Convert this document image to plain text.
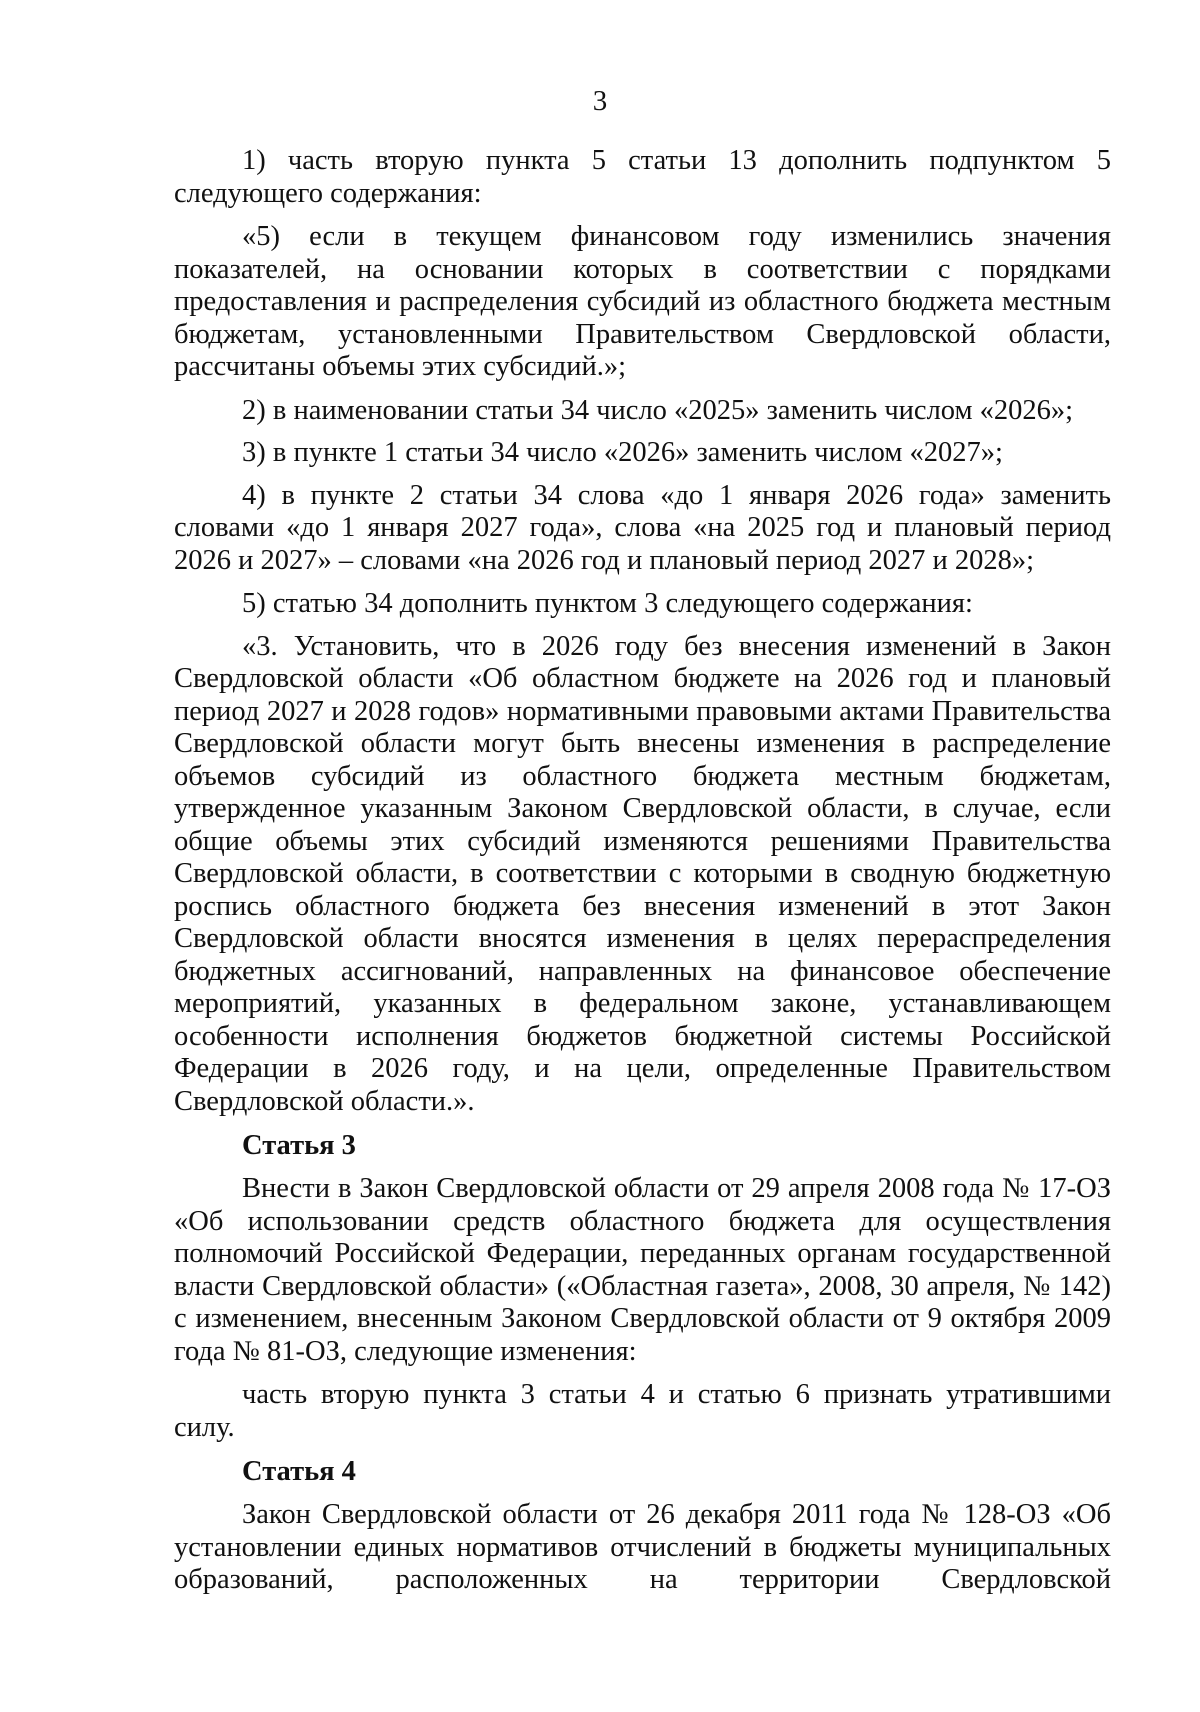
3

1) часть вторую пункта 5 статьи 13 дополнить подпунктом 5 следующего содержания:

«5) если в текущем финансовом году изменились значения показателей, на основании которых в соответствии с порядками предоставления и распределения субсидий из областного бюджета местным бюджетам, установленными Правительством Свердловской области, рассчитаны объемы этих субсидий.»;

2) в наименовании статьи 34 число «2025» заменить числом «2026»;

3) в пункте 1 статьи 34 число «2026» заменить числом «2027»;

4) в пункте 2 статьи 34 слова «до 1 января 2026 года» заменить словами «до 1 января 2027 года», слова «на 2025 год и плановый период 2026 и 2027» – словами «на 2026 год и плановый период 2027 и 2028»;

5) статью 34 дополнить пунктом 3 следующего содержания:

«3. Установить, что в 2026 году без внесения изменений в Закон Свердловской области «Об областном бюджете на 2026 год и плановый период 2027 и 2028 годов» нормативными правовыми актами Правительства Свердловской области могут быть внесены изменения в распределение объемов субсидий из областного бюджета местным бюджетам, утвержденное указанным Законом Свердловской области, в случае, если общие объемы этих субсидий изменяются решениями Правительства Свердловской области, в соответствии с которыми в сводную бюджетную роспись областного бюджета без внесения изменений в этот Закон Свердловской области вносятся изменения в целях перераспределения бюджетных ассигнований, направленных на финансовое обеспечение мероприятий, указанных в федеральном законе, устанавливающем особенности исполнения бюджетов бюджетной системы Российской Федерации в 2026 году, и на цели, определенные Правительством Свердловской области.».

Статья 3

Внести в Закон Свердловской области от 29 апреля 2008 года № 17-ОЗ «Об использовании средств областного бюджета для осуществления полномочий Российской Федерации, переданных органам государственной власти Свердловской области» («Областная газета», 2008, 30 апреля, № 142) с изменением, внесенным Законом Свердловской области от 9 октября 2009 года № 81-ОЗ, следующие изменения:

часть вторую пункта 3 статьи 4 и статью 6 признать утратившими силу.

Статья 4

Закон Свердловской области от 26 декабря 2011 года № 128-ОЗ «Об установлении единых нормативов отчислений в бюджеты муниципальных образований, расположенных на территории Свердловской
